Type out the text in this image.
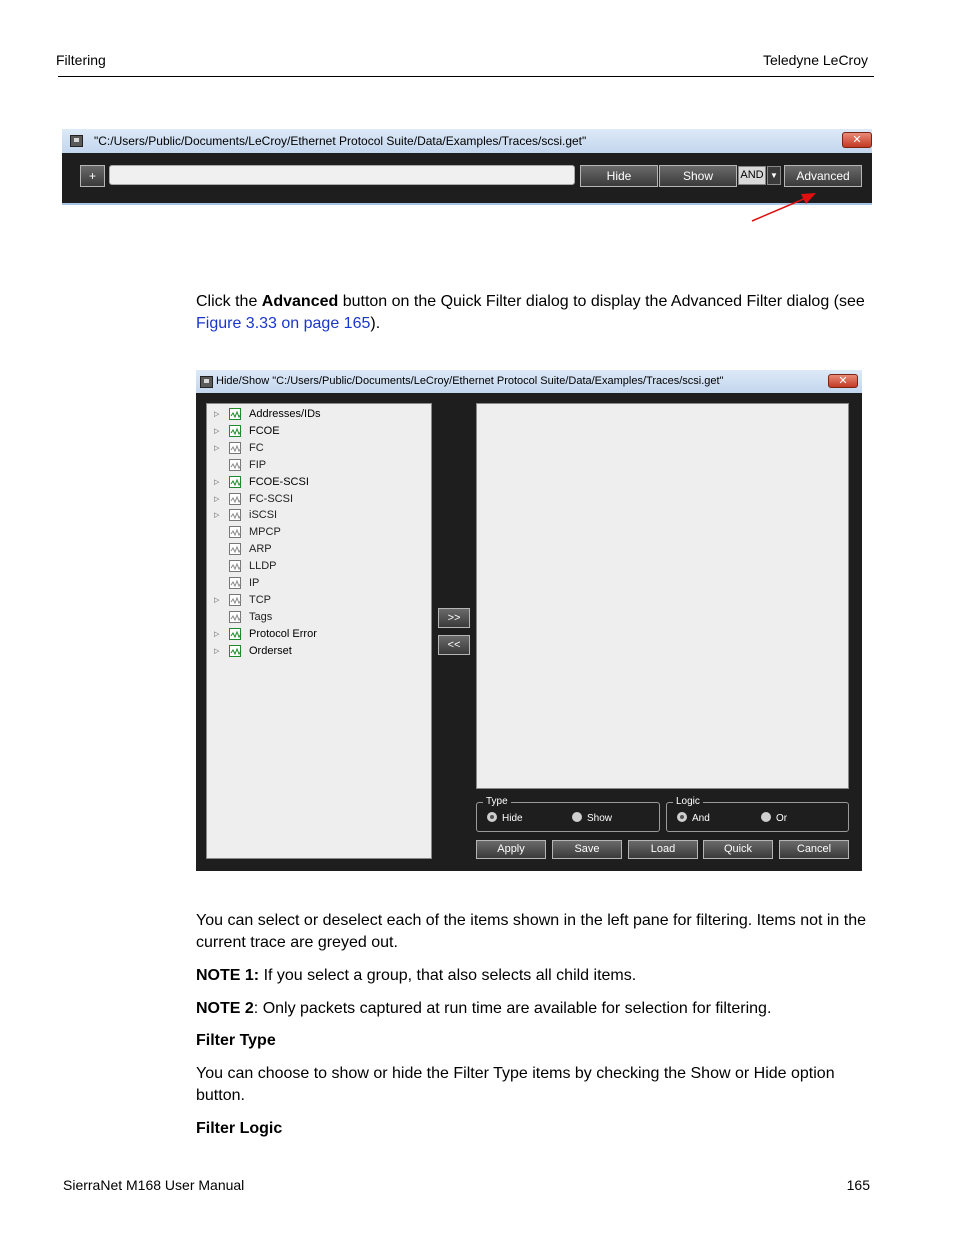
Filtering	Teledyne LeCroy
"C:/Users/Public/Documents/LeCroy/Ethernet Protocol Suite/Data/Examples/Traces/scsi.get"	✕
+	Hide	Show	AND ▼	Advanced
Click the Advanced button on the Quick Filter dialog to display the Advanced Filter dialog (see Figure 3.33 on page 165).
Hide/Show "C:/Users/Public/Documents/LeCroy/Ethernet Protocol Suite/Data/Examples/Traces/scsi.get"	✕
▷	Addresses/IDs
▷	FCOE
▷	FC
FIP
▷	FCOE-SCSI
▷	FC-SCSI
▷	iSCSI
MPCP
ARP
LLDP
IP
▷	TCP
Tags
▷	Protocol Error
▷	Orderset
>>
<<
Type
Hide	Show
Logic
And	Or
Apply	Save	Load	Quick	Cancel
You can select or deselect each of the items shown in the left pane for filtering. Items not in the current trace are greyed out.
NOTE 1: If you select a group, that also selects all child items.
NOTE 2: Only packets captured at run time are available for selection for filtering.
Filter Type
You can choose to show or hide the Filter Type items by checking the Show or Hide option button.
Filter Logic
SierraNet M168 User Manual	165
